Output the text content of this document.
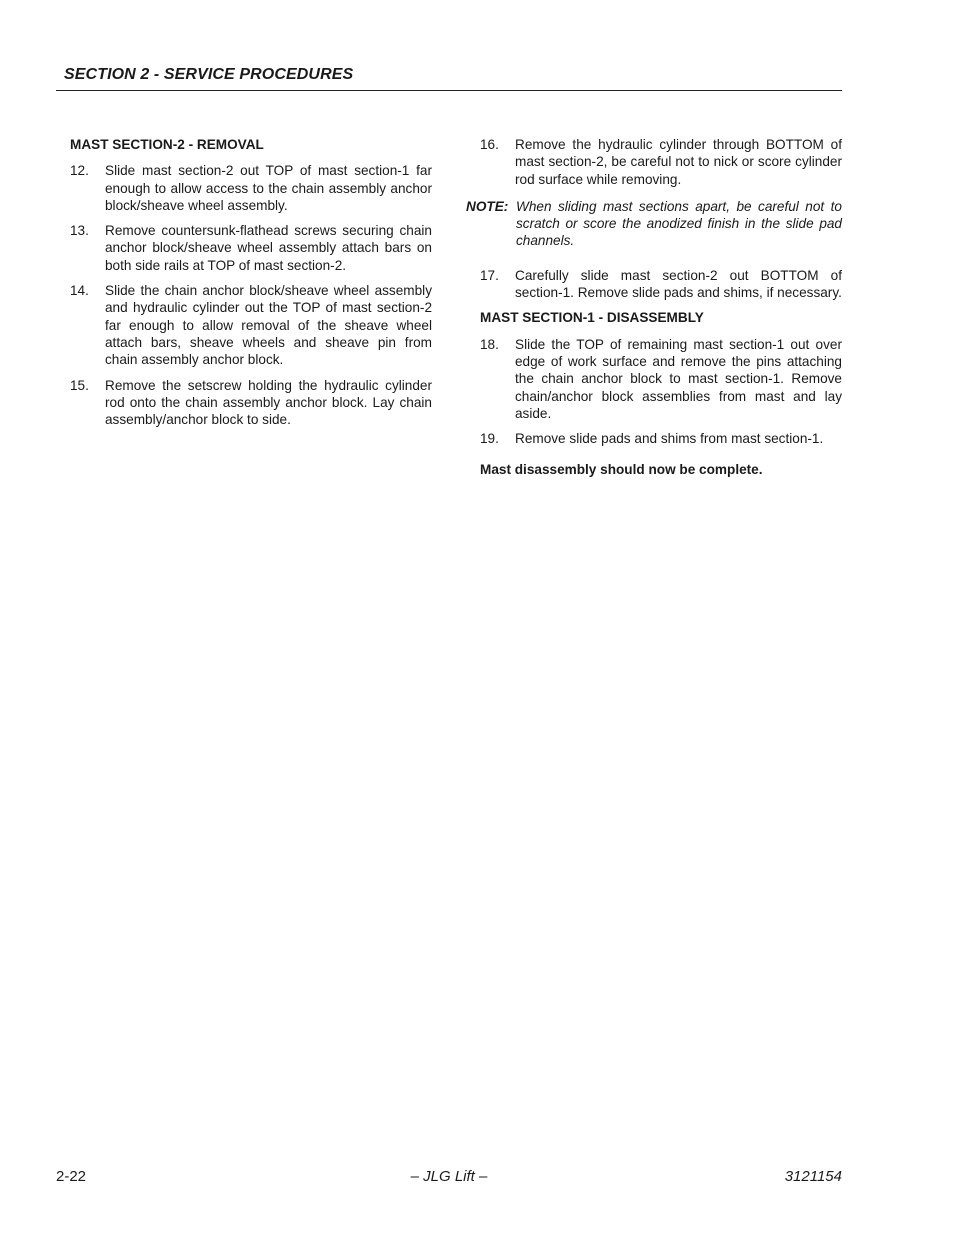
SECTION 2 - SERVICE PROCEDURES
MAST SECTION-2 - REMOVAL
12.	Slide mast section-2 out TOP of mast section-1 far enough to allow access to the chain assembly anchor block/sheave wheel assembly.
13.	Remove countersunk-flathead screws securing chain anchor block/sheave wheel assembly attach bars on both side rails at TOP of mast section-2.
14.	Slide the chain anchor block/sheave wheel assembly and hydraulic cylinder out the TOP of mast section-2 far enough to allow removal of the sheave wheel attach bars, sheave wheels and sheave pin from chain assembly anchor block.
15.	Remove the setscrew holding the hydraulic cylinder rod onto the chain assembly anchor block. Lay chain assembly/anchor block to side.
16.	Remove the hydraulic cylinder through BOTTOM of mast section-2, be careful not to nick or score cylinder rod surface while removing.
NOTE: When sliding mast sections apart, be careful not to scratch or score the anodized finish in the slide pad channels.
17.	Carefully slide mast section-2 out BOTTOM of section-1. Remove slide pads and shims, if necessary.
MAST SECTION-1 - DISASSEMBLY
18.	Slide the TOP of remaining mast section-1 out over edge of work surface and remove the pins attaching the chain anchor block to mast section-1. Remove chain/anchor block assemblies from mast and lay aside.
19.	Remove slide pads and shims from mast section-1.
Mast disassembly should now be complete.
2-22	– JLG Lift –	3121154
